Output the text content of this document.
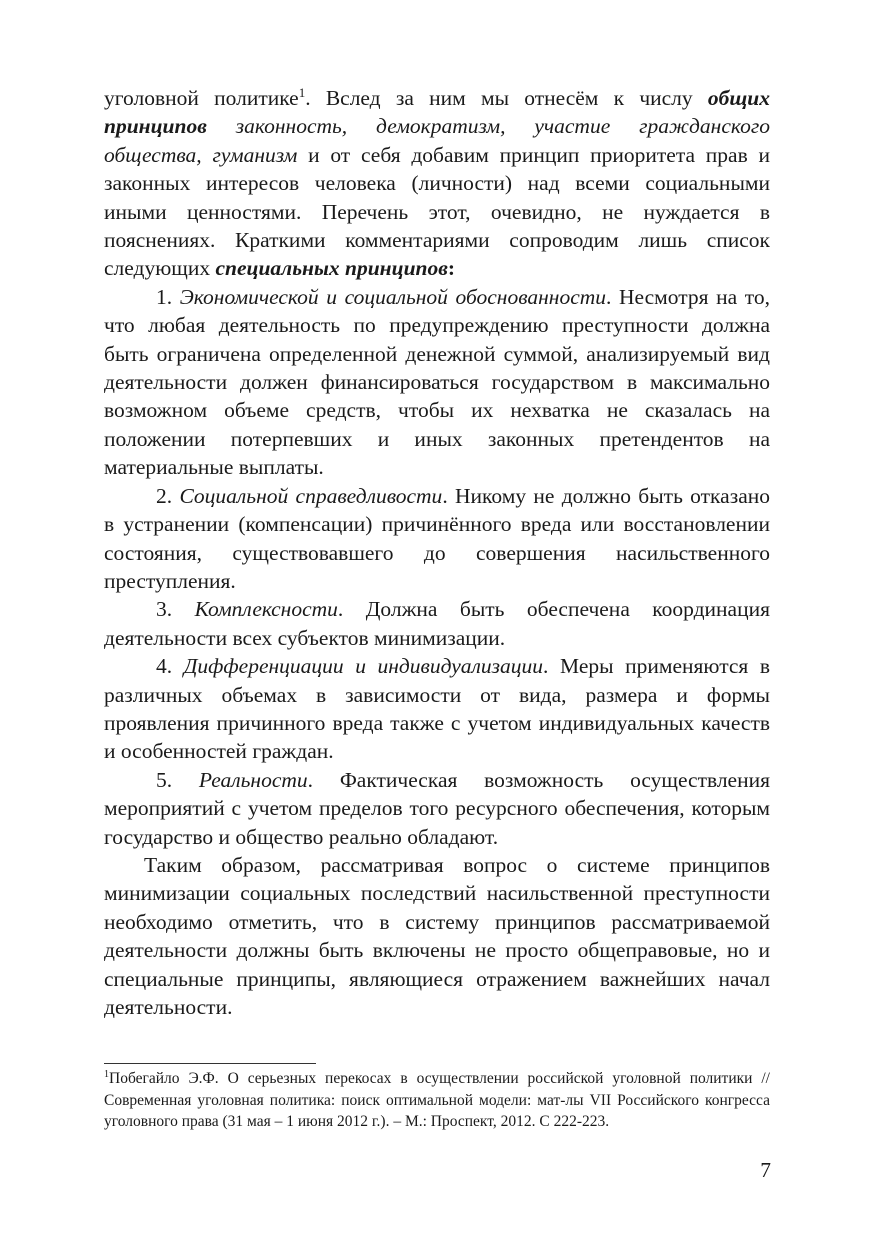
уголовной политике$^1$. Вслед за ним мы отнесём к числу общих принципов законность, демократизм, участие гражданского общества, гуманизм и от себя добавим принцип приоритета прав и законных интересов человека (личности) над всеми социальными иными ценностями. Перечень этот, очевидно, не нуждается в пояснениях. Краткими комментариями сопроводим лишь список следующих специальных принципов:

1. Экономической и социальной обоснованности. Несмотря на то, что любая деятельность по предупреждению преступности должна быть ограничена определенной денежной суммой, анализируемый вид деятельности должен финансироваться государством в максимально возможном объеме средств, чтобы их нехватка не сказалась на положении потерпевших и иных законных претендентов на материальные выплаты.

2. Социальной справедливости. Никому не должно быть отказано в устранении (компенсации) причинённого вреда или восстановлении состояния, существовавшего до совершения насильственного преступления.

3. Комплексности. Должна быть обеспечена координация деятельности всех субъектов минимизации.

4. Дифференциации и индивидуализации. Меры применяются в различных объемах в зависимости от вида, размера и формы проявления причинного вреда также с учетом индивидуальных качеств и особенностей граждан.

5. Реальности. Фактическая возможность осуществления мероприятий с учетом пределов того ресурсного обеспечения, которым государство и общество реально обладают.

Таким образом, рассматривая вопрос о системе принципов минимизации социальных последствий насильственной преступности необходимо отметить, что в систему принципов рассматриваемой деятельности должны быть включены не просто общеправовые, но и специальные принципы, являющиеся отражением важнейших начал деятельности.

$^1$Побегайло Э.Ф. О серьезных перекосах в осуществлении российской уголовной политики // Современная уголовная политика: поиск оптимальной модели: мат-лы VII Российского конгресса уголовного права (31 мая – 1 июня 2012 г.). – М.: Проспект, 2012. С 222-223.
7
